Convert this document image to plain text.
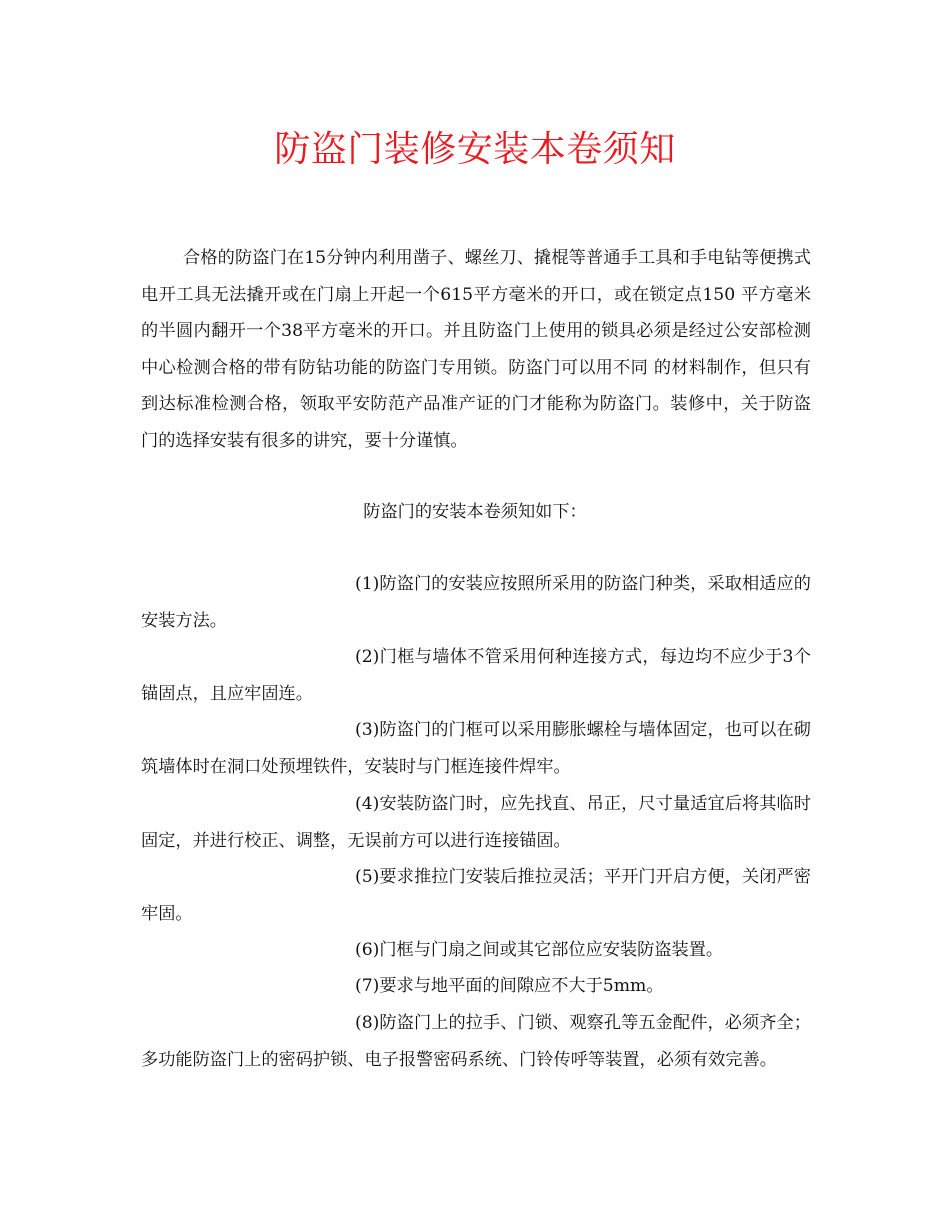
防盗门装修安装本卷须知

合格的防盗门在15分钟内利用凿子、螺丝刀、撬棍等普通手工具和手电钻等便携式电开工具无法撬开或在门扇上开起一个615平方毫米的开口，或在锁定点150 平方毫米的半圆内翻开一个38平方毫米的开口。并且防盗门上使用的锁具必须是经过公安部检测中心检测合格的带有防钻功能的防盗门专用锁。防盗门可以用不同 的材料制作，但只有到达标准检测合格，领取平安防范产品准产证的门才能称为防盗门。装修中，关于防盗门的选择安装有很多的讲究，要十分谨慎。

防盗门的安装本卷须知如下：

(1)防盗门的安装应按照所采用的防盗门种类，采取相适应的安装方法。

(2)门框与墙体不管采用何种连接方式，每边均不应少于3个锚固点，且应牢固连。

(3)防盗门的门框可以采用膨胀螺栓与墙体固定，也可以在砌筑墙体时在洞口处预埋铁件，安装时与门框连接件焊牢。

(4)安装防盗门时，应先找直、吊正，尺寸量适宜后将其临时固定，并进行校正、调整，无误前方可以进行连接锚固。

(5)要求推拉门安装后推拉灵活；平开门开启方便，关闭严密牢固。

(6)门框与门扇之间或其它部位应安装防盗装置。

(7)要求与地平面的间隙应不大于5mm。

(8)防盗门上的拉手、门锁、观察孔等五金配件，必须齐全；多功能防盗门上的密码护锁、电子报警密码系统、门铃传呼等装置，必须有效完善。
